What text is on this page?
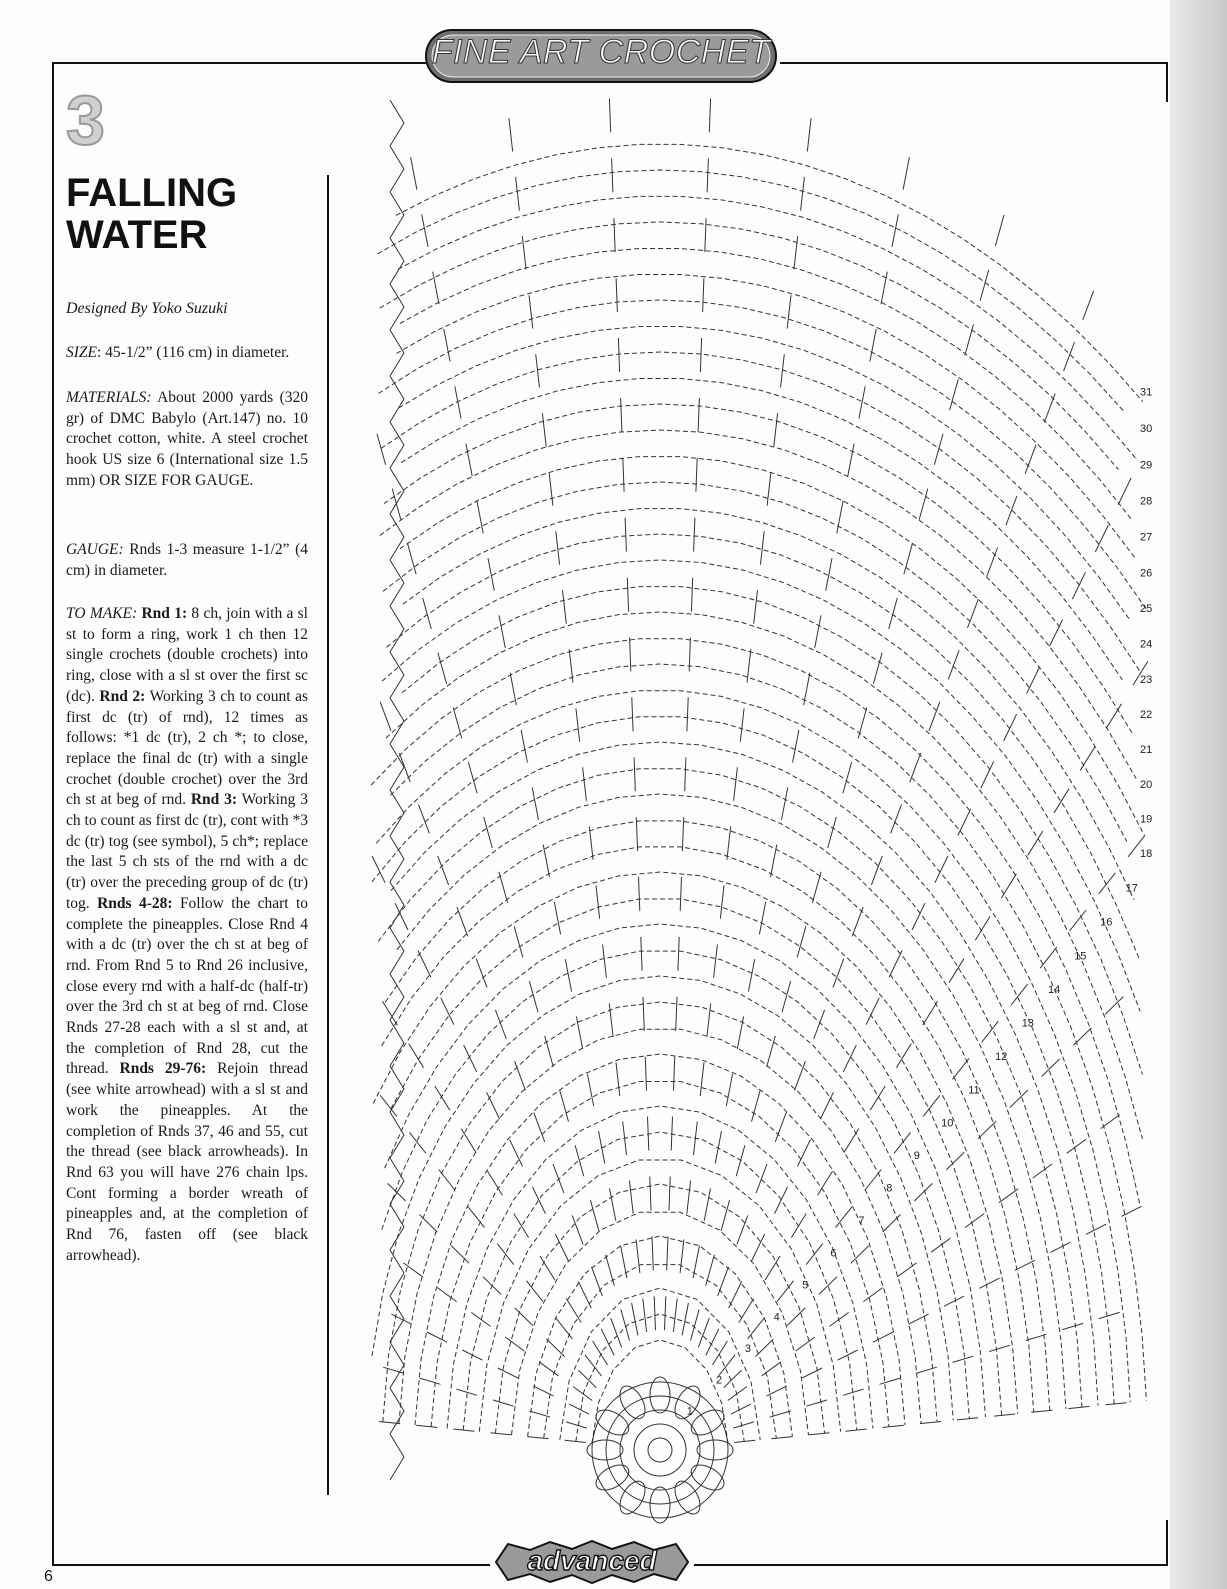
FINE ART CROCHET
3
FALLING
WATER
Designed By Yoko Suzuki
SIZE: 45-1/2” (116 cm) in diameter.
MATERIALS: About 2000 yards (320 gr) of DMC Babylo (Art.147) no. 10 crochet cotton, white. A steel crochet hook US size 6 (International size 1.5 mm) OR SIZE FOR GAUGE.
GAUGE: Rnds 1-3 measure 1-1/2” (4 cm) in diameter.
TO MAKE: Rnd 1: 8 ch, join with a sl st to form a ring, work 1 ch then 12 single crochets (double crochets) into ring, close with a sl st over the first sc (dc). Rnd 2: Working 3 ch to count as first dc (tr) of rnd), 12 times as follows: *1 dc (tr), 2 ch *; to close, replace the final dc (tr) with a single crochet (double crochet) over the 3rd ch st at beg of rnd. Rnd 3: Working 3 ch to count as first dc (tr), cont with *3 dc (tr) tog (see symbol), 5 ch*; replace the last 5 ch sts of the rnd with a dc (tr) over the preceding group of dc (tr) tog. Rnds 4-28: Follow the chart to complete the pineapples. Close Rnd 4 with a dc (tr) over the ch st at beg of rnd. From Rnd 5 to Rnd 26 inclusive, close every rnd with a half-dc (half-tr) over the 3rd ch st at beg of rnd. Close Rnds 27-28 each with a sl st and, at the completion of Rnd 28, cut the thread. Rnds 29-76: Rejoin thread (see white arrowhead) with a sl st and work the pineapples. At the completion of Rnds 37, 46 and 55, cut the thread (see black arrowheads). In Rnd 63 you will have 276 chain lps. Cont forming a border wreath of pineapples and, at the completion of Rnd 76, fasten off (see black arrowhead).
1
2
3
4
5
6
7
8
9
10
11
12
13
14
15
16
17
18
19
20
21
22
23
24
25
26
27
28
29
30
31
6
advanced
